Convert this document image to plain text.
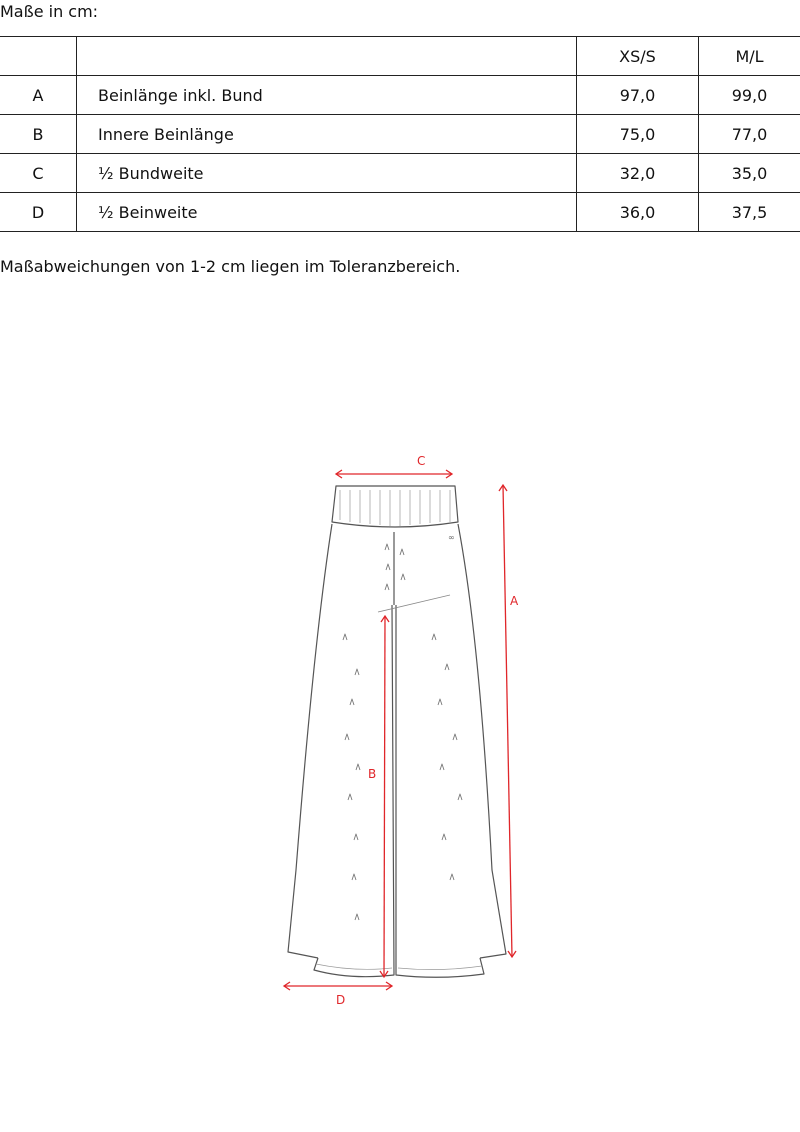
Maße in cm:
		XS/S	M/L
A	Beinlänge inkl. Bund	97,0	99,0
B	Innere Beinlänge	75,0	77,0
C	½ Bundweite	32,0	35,0
D	½ Beinweite	36,0	37,5
Maßabweichungen von 1-2 cm liegen im Toleranzbereich.
∞
C
A
B
D
